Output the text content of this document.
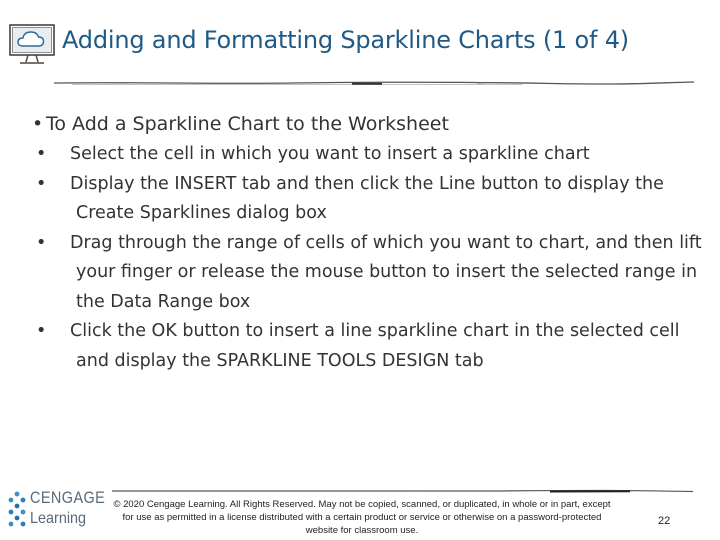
Adding and Formatting Sparkline Charts (1 of 4)
• To Add a Sparkline Chart to the Worksheet
• Select the cell in which you want to insert a sparkline chart
• Display the INSERT tab and then click the Line button to display the Create Sparklines dialog box
• Drag through the range of cells of which you want to chart, and then lift your finger or release the mouse button to insert the selected range in the Data Range box
• Click the OK button to insert a line sparkline chart in the selected cell and display the SPARKLINE TOOLS DESIGN tab
CENGAGE
Learning
© 2020 Cengage Learning. All Rights Reserved. May not be copied, scanned, or duplicated, in whole or in part, except for use as permitted in a license distributed with a certain product or service or otherwise on a password-protected website for classroom use.
22
